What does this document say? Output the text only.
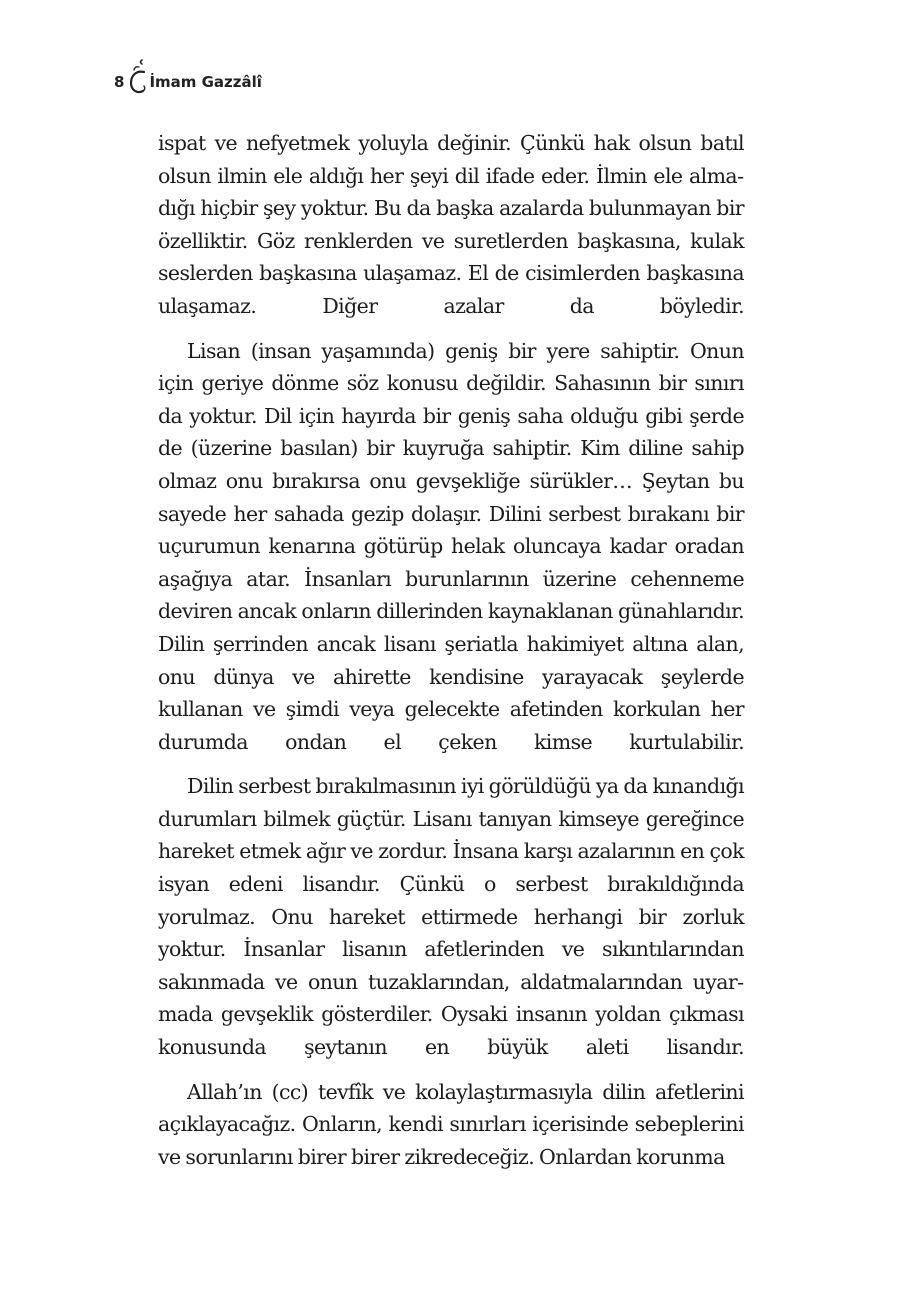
8 İmam Gazzâlî

ispat ve nefyetmek yoluyla değinir. Çünkü hak olsun batıl olsun ilmin ele aldığı her şeyi dil ifade eder. İlmin ele almadığı hiçbir şey yoktur. Bu da başka azalarda bulunmayan bir özelliktir. Göz renklerden ve suretlerden başkasına, kulak seslerden başkasına ulaşamaz. El de cisimlerden başkasına ulaşamaz. Diğer azalar da böyledir.

Lisan (insan yaşamında) geniş bir yere sahiptir. Onun için geriye dönme söz konusu değildir. Sahasının bir sınırı da yoktur. Dil için hayırda bir geniş saha olduğu gibi şerde de (üzerine basılan) bir kuyruğa sahiptir. Kim diline sahip olmaz onu bırakırsa onu gevşekliğe sürükler… Şeytan bu sayede her sahada gezip dolaşır. Dilini serbest bırakanı bir uçurumun kenarına götürüp helak oluncaya kadar oradan aşağıya atar. İnsanları burunlarının üzerine cehenneme deviren ancak onların dillerinden kaynaklanan günahlarıdır. Dilin şerrinden ancak lisanı şeriatla hakimiyet altına alan, onu dünya ve ahirette kendisine yarayacak şeylerde kullanan ve şimdi veya gelecekte afetinden korkulan her durumda ondan el çeken kimse kurtulabilir.

Dilin serbest bırakılmasının iyi görüldüğü ya da kınandığı durumları bilmek güçtür. Lisanı tanıyan kimseye gereğince hareket etmek ağır ve zordur. İnsana karşı azalarının en çok isyan edeni lisandır. Çünkü o serbest bırakıldığında yorulmaz. Onu hareket ettirmede herhangi bir zorluk yoktur. İnsanlar lisanın afetlerinden ve sıkıntılarından sakınmada ve onun tuzaklarından, aldatmalarından uyarmada gevşeklik gösterdiler. Oysaki insanın yoldan çıkması konusunda şeytanın en büyük aleti lisandır.

Allah’ın (cc) tevfîk ve kolaylaştırmasıyla dilin afetlerini açıklayacağız. Onların, kendi sınırları içerisinde sebeplerini ve sorunlarını birer birer zikredeceğiz. Onlardan korunma
